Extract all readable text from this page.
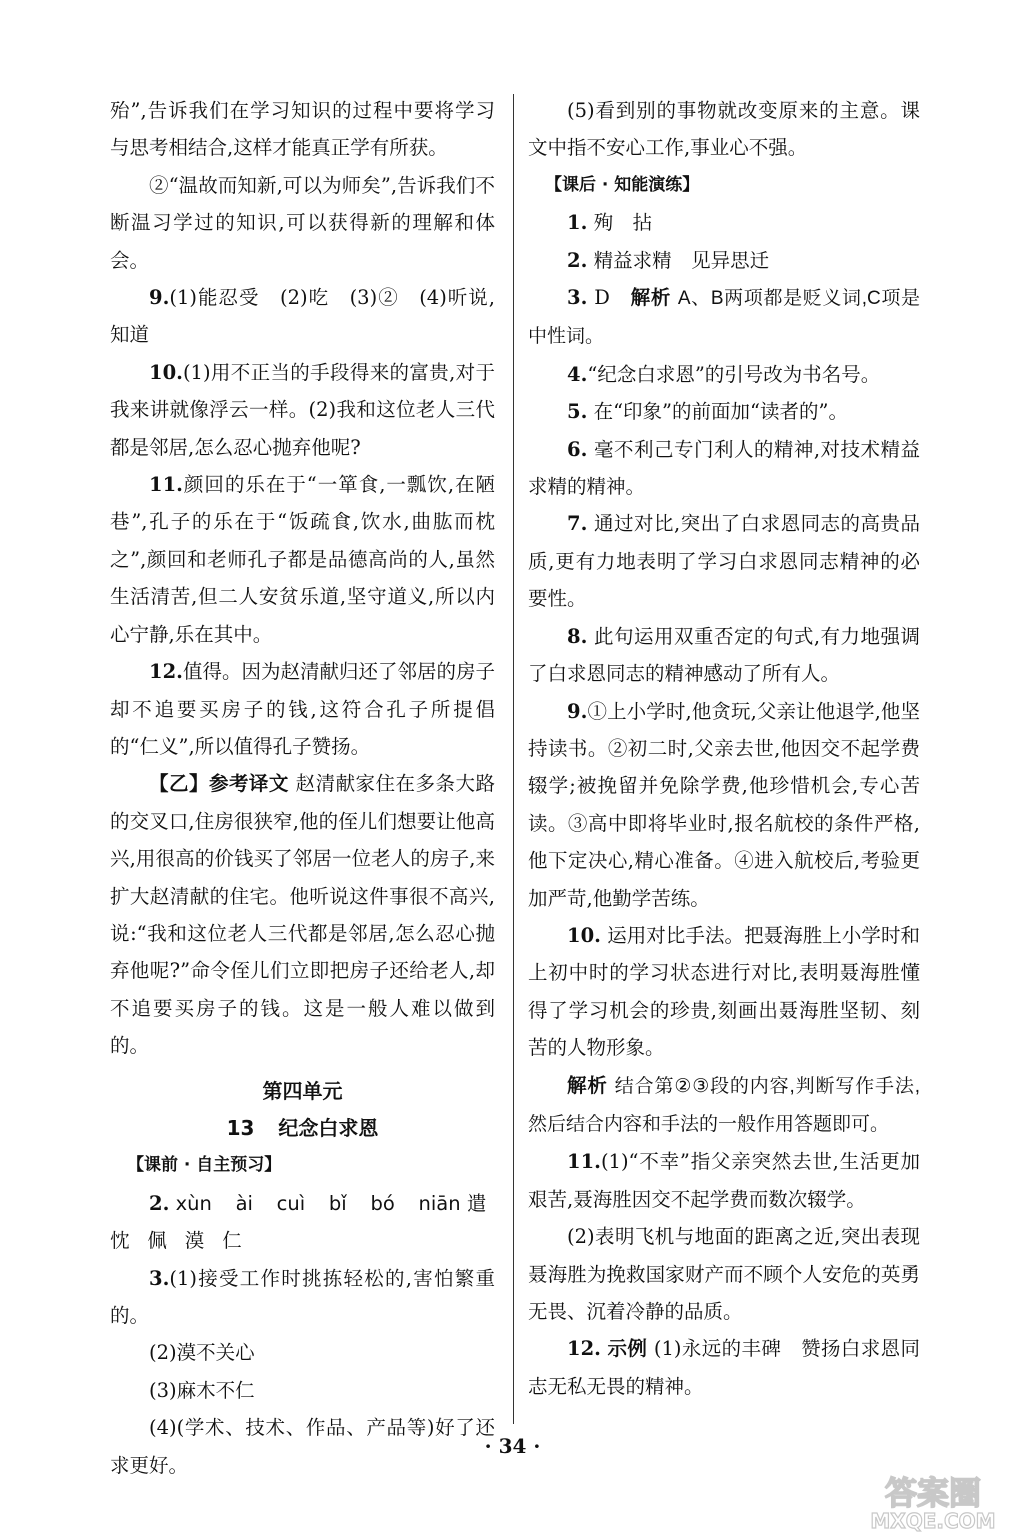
殆”,告诉我们在学习知识的过程中要将学习与思考相结合,这样才能真正学有所获。

②“温故而知新,可以为师矣”,告诉我们不断温习学过的知识,可以获得新的理解和体会。

9.(1)能忍受　(2)吃　(3)②　(4)听说,知道

10.(1)用不正当的手段得来的富贵,对于我来讲就像浮云一样。(2)我和这位老人三代都是邻居,怎么忍心抛弃他呢?

11.颜回的乐在于“一箪食,一瓢饮,在陋巷”,孔子的乐在于“饭疏食,饮水,曲肱而枕之”,颜回和老师孔子都是品德高尚的人,虽然生活清苦,但二人安贫乐道,坚守道义,所以内心宁静,乐在其中。

12.值得。因为赵清献归还了邻居的房子却不追要买房子的钱,这符合孔子所提倡的“仁义”,所以值得孔子赞扬。

【乙】参考译文 赵清献家住在多条大路的交叉口,住房很狭窄,他的侄儿们想要让他高兴,用很高的价钱买了邻居一位老人的房子,来扩大赵清献的住宅。他听说这件事很不高兴,说:“我和这位老人三代都是邻居,怎么忍心抛弃他呢?”命令侄儿们立即把房子还给老人,却不追要买房子的钱。这是一般人难以做到的。

第四单元

13 纪念白求恩

【课前 · 自主预习】

2. xùn ài cuì bǐ bó niān 遣

忱 佩 漠 仁

3.(1)接受工作时挑拣轻松的,害怕繁重的。

(2)漠不关心

(3)麻木不仁

(4)(学术、技术、作品、产品等)好了还求更好。

(5)看到别的事物就改变原来的主意。课文中指不安心工作,事业心不强。

【课后 · 知能演练】

1. 殉　拈

2. 精益求精　见异思迁

3. D　 解析 A、B两项都是贬义词,C项是中性词。

4.“纪念白求恩”的引号改为书名号。

5. 在“印象”的前面加“读者的”。

6. 毫不利己专门利人的精神,对技术精益求精的精神。

7. 通过对比,突出了白求恩同志的高贵品质,更有力地表明了学习白求恩同志精神的必要性。

8. 此句运用双重否定的句式,有力地强调了白求恩同志的精神感动了所有人。

9.①上小学时,他贪玩,父亲让他退学,他坚持读书。②初二时,父亲去世,他因交不起学费辍学;被挽留并免除学费,他珍惜机会,专心苦读。③高中即将毕业时,报名航校的条件严格,他下定决心,精心准备。④进入航校后,考验更加严苛,他勤学苦练。

10. 运用对比手法。把聂海胜上小学时和上初中时的学习状态进行对比,表明聂海胜懂得了学习机会的珍贵,刻画出聂海胜坚韧、刻苦的人物形象。

解析 结合第②③段的内容,判断写作手法,然后结合内容和手法的一般作用答题即可。

11.(1)“不幸”指父亲突然去世,生活更加艰苦,聂海胜因交不起学费而数次辍学。

(2)表明飞机与地面的距离之近,突出表现聂海胜为挽救国家财产而不顾个人安危的英勇无畏、沉着冷静的品质。

12. 示例 (1)永远的丰碑　赞扬白求恩同志无私无畏的精神。

· 34 ·
答案圈
MXQE.COM
